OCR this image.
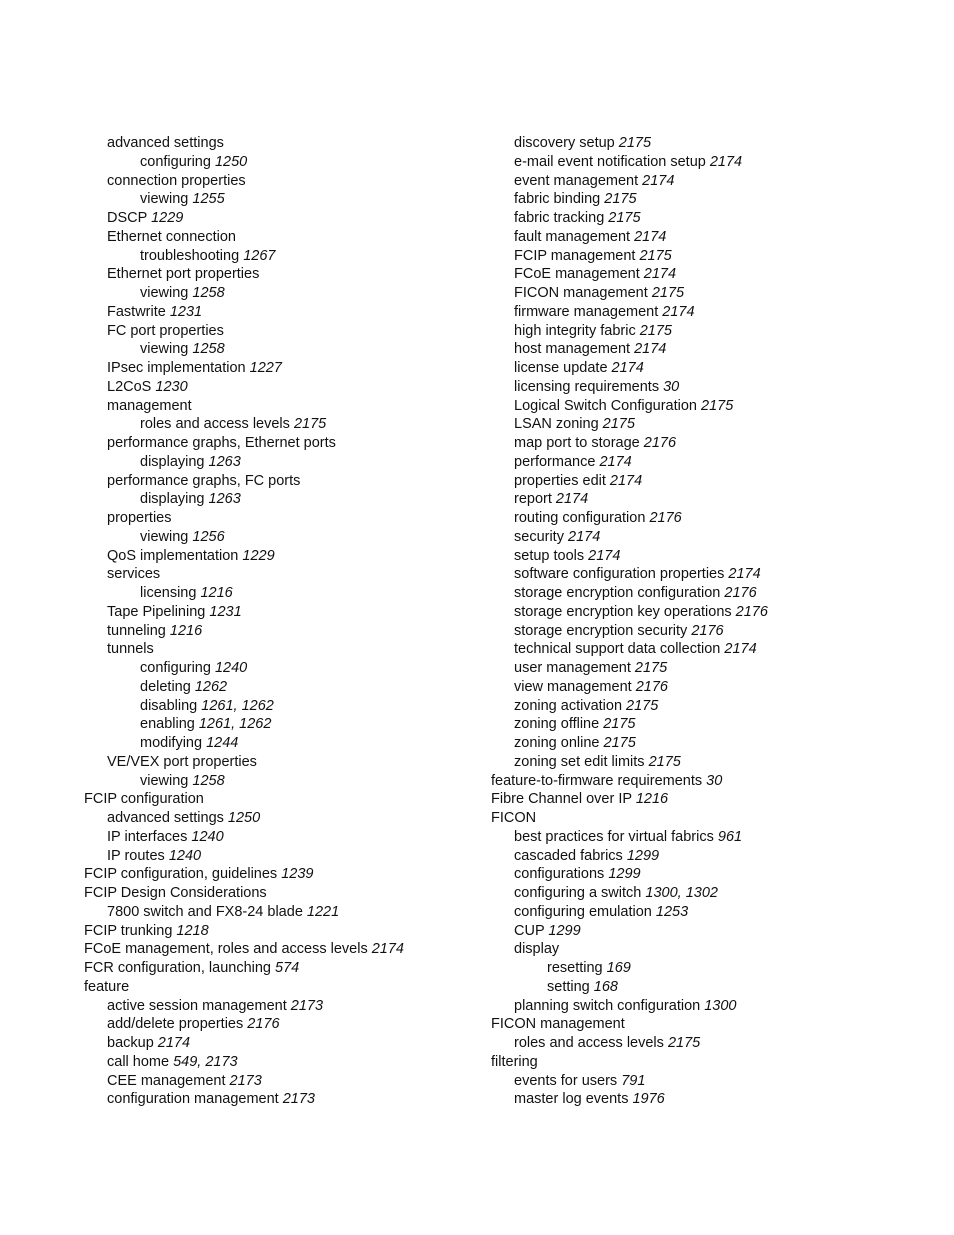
advanced settings
configuring 1250
connection properties
viewing 1255
DSCP 1229
Ethernet connection
troubleshooting 1267
Ethernet port properties
viewing 1258
Fastwrite 1231
FC port properties
viewing 1258
IPsec implementation 1227
L2CoS 1230
management
roles and access levels 2175
performance graphs, Ethernet ports
displaying 1263
performance graphs, FC ports
displaying 1263
properties
viewing 1256
QoS implementation 1229
services
licensing 1216
Tape Pipelining 1231
tunneling 1216
tunnels
configuring 1240
deleting 1262
disabling 1261, 1262
enabling 1261, 1262
modifying 1244
VE/VEX port properties
viewing 1258
FCIP configuration
advanced settings 1250
IP interfaces 1240
IP routes 1240
FCIP configuration, guidelines 1239
FCIP Design Considerations
7800 switch and FX8-24 blade 1221
FCIP trunking 1218
FCoE management, roles and access levels 2174
FCR configuration, launching 574
feature
active session management 2173
add/delete properties 2176
backup 2174
call home 549, 2173
CEE management 2173
configuration management 2173
discovery setup 2175
e-mail event notification setup 2174
event management 2174
fabric binding 2175
fabric tracking 2175
fault management 2174
FCIP management 2175
FCoE management 2174
FICON management 2175
firmware management 2174
high integrity fabric 2175
host management 2174
license update 2174
licensing requirements 30
Logical Switch Configuration 2175
LSAN zoning 2175
map port to storage 2176
performance 2174
properties edit 2174
report 2174
routing configuration 2176
security 2174
setup tools 2174
software configuration properties 2174
storage encryption configuration 2176
storage encryption key operations 2176
storage encryption security 2176
technical support data collection 2174
user management 2175
view management 2176
zoning activation 2175
zoning offline 2175
zoning online 2175
zoning set edit limits 2175
feature-to-firmware requirements 30
Fibre Channel over IP 1216
FICON
best practices for virtual fabrics 961
cascaded fabrics 1299
configurations 1299
configuring a switch 1300, 1302
configuring emulation 1253
CUP 1299
display
resetting 169
setting 168
planning switch configuration 1300
FICON management
roles and access levels 2175
filtering
events for users 791
master log events 1976
